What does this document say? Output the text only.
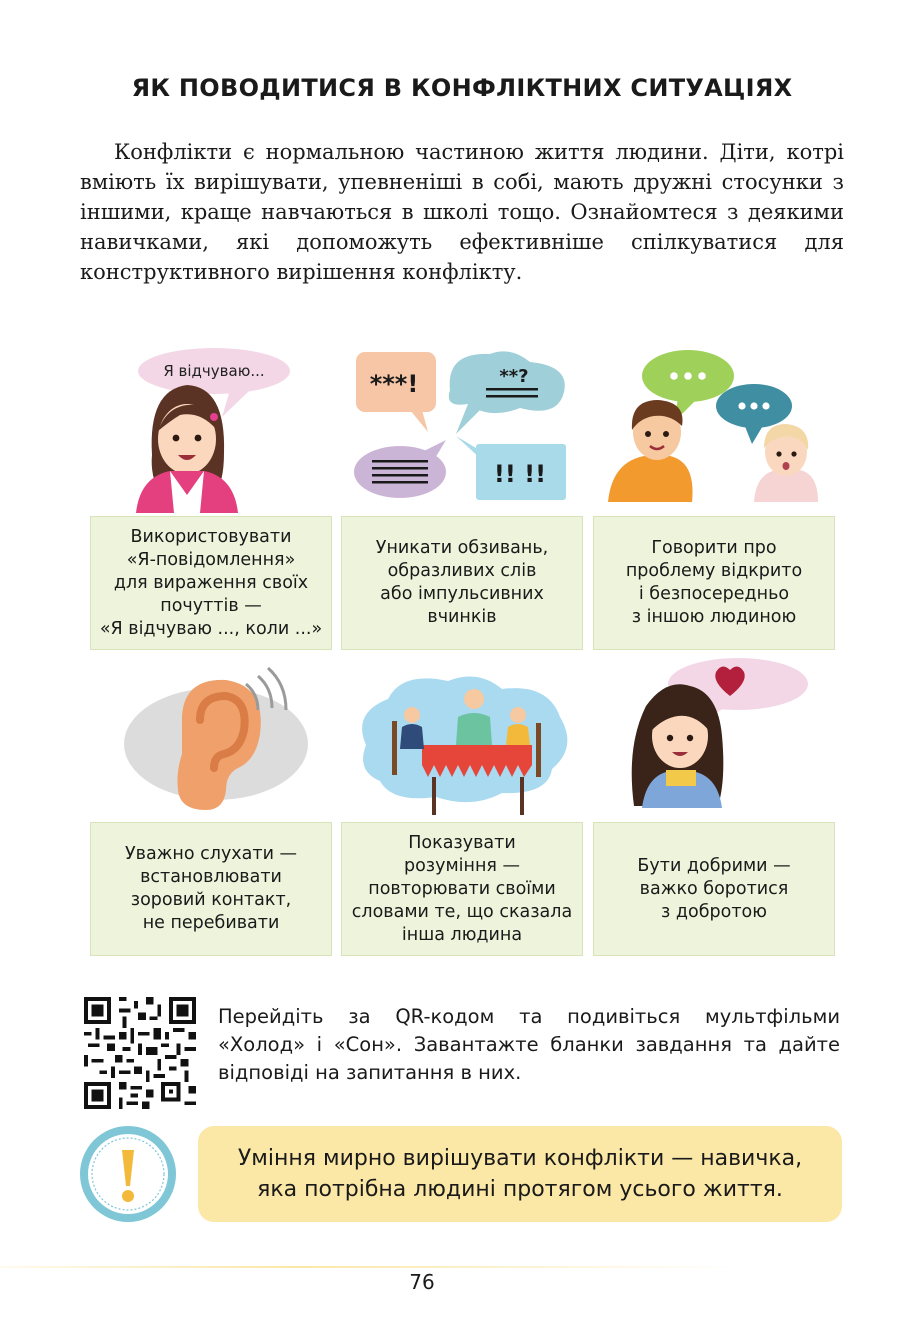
ЯК ПОВОДИТИСЯ В КОНФЛІКТНИХ СИТУАЦІЯХ
Конфлікти є нормальною частиною життя людини. Діти, котрі вміють їх вирішувати, упевненіші в собі, мають дружні стосунки з іншими, краще навчаються в школі тощо. Ознайомтеся з деякими навичками, які допоможуть ефективніше спілкуватися для конструктивного вирішення конфлікту.
Я відчуваю...	***!	**?
!! !!
Використовувати
«Я-повідомлення»
для вираження своїх
почуттів —
«Я відчуваю ..., коли ...»
Уникати обзивань,
образливих слів
або імпульсивних
вчинків
Говорити про
проблему відкрито
і безпосередньо
з іншою людиною
Уважно слухати —
встановлювати
зоровий контакт,
не перебивати
Показувати
розуміння —
повторювати своїми
словами те, що сказала
інша людина
Бути добрими —
важко боротися
з добротою
Перейдіть за QR-кодом та подивіться мультфільми «Холод» і «Сон». Завантажте бланки завдання та дайте відповіді на запитання в них.
Уміння мирно вирішувати конфлікти — навичка,
яка потрібна людині протягом усього життя.
76
